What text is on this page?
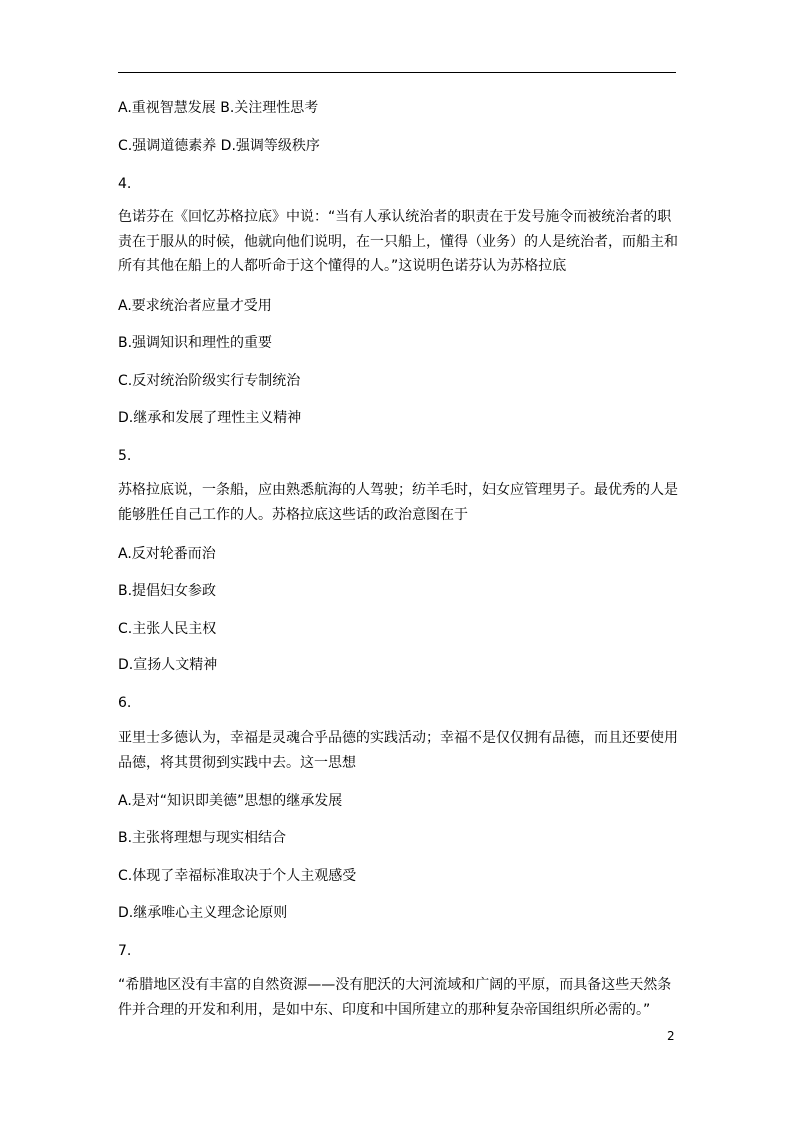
A.重视智慧发展 B.关注理性思考
C.强调道德素养 D.强调等级秩序
4.
色诺芬在《回忆苏格拉底》中说：“当有人承认统治者的职责在于发号施令而被统治者的职责在于服从的时候，他就向他们说明，在一只船上，懂得（业务）的人是统治者，而船主和所有其他在船上的人都听命于这个懂得的人。”这说明色诺芬认为苏格拉底
A.要求统治者应量才受用
B.强调知识和理性的重要
C.反对统治阶级实行专制统治
D.继承和发展了理性主义精神
5.
苏格拉底说，一条船，应由熟悉航海的人驾驶；纺羊毛时，妇女应管理男子。最优秀的人是能够胜任自己工作的人。苏格拉底这些话的政治意图在于
A.反对轮番而治
B.提倡妇女参政
C.主张人民主权
D.宣扬人文精神
6.
亚里士多德认为，幸福是灵魂合乎品德的实践活动；幸福不是仅仅拥有品德，而且还要使用品德，将其贯彻到实践中去。这一思想
A.是对“知识即美德”思想的继承发展
B.主张将理想与现实相结合
C.体现了幸福标准取决于个人主观感受
D.继承唯心主义理念论原则
7.
“希腊地区没有丰富的自然资源——没有肥沃的大河流域和广阔的平原，而具备这些天然条件并合理的开发和利用，是如中东、印度和中国所建立的那种复杂帝国组织所必需的。”
2
